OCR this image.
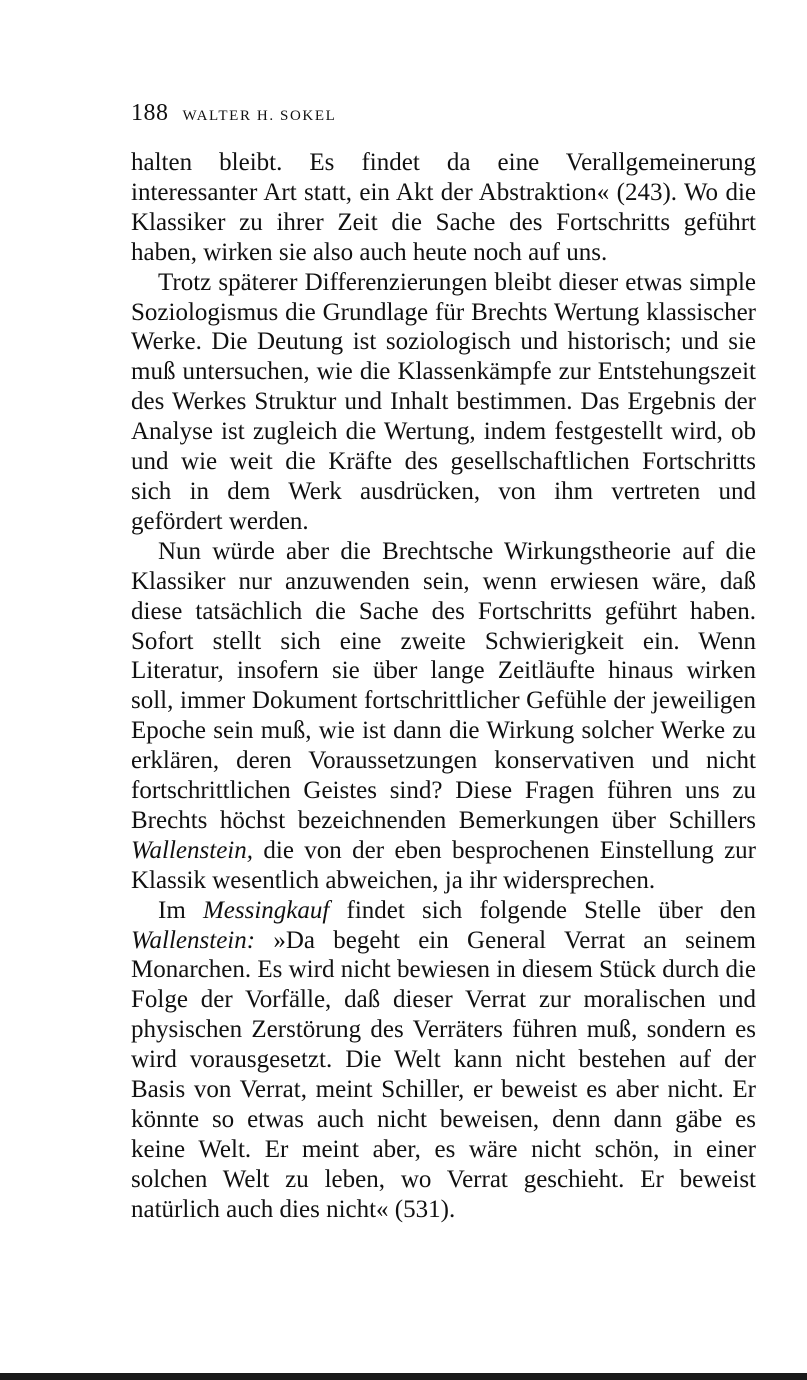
188 WALTER H. SOKEL

halten bleibt. Es findet da eine Verallgemeinerung interessanter Art statt, ein Akt der Abstraktion« (243). Wo die Klassiker zu ihrer Zeit die Sache des Fortschritts geführt haben, wirken sie also auch heute noch auf uns.

Trotz späterer Differenzierungen bleibt dieser etwas simple Soziologismus die Grundlage für Brechts Wertung klassischer Werke. Die Deutung ist soziologisch und historisch; und sie muß untersuchen, wie die Klassenkämpfe zur Entstehungszeit des Werkes Struktur und Inhalt bestimmen. Das Ergebnis der Analyse ist zugleich die Wertung, indem festgestellt wird, ob und wie weit die Kräfte des gesellschaftlichen Fortschritts sich in dem Werk ausdrücken, von ihm vertreten und gefördert werden.

Nun würde aber die Brechtsche Wirkungstheorie auf die Klassiker nur anzuwenden sein, wenn erwiesen wäre, daß diese tatsächlich die Sache des Fortschritts geführt haben. Sofort stellt sich eine zweite Schwierigkeit ein. Wenn Literatur, insofern sie über lange Zeitläufte hinaus wirken soll, immer Dokument fortschrittlicher Gefühle der jeweiligen Epoche sein muß, wie ist dann die Wirkung solcher Werke zu erklären, deren Voraussetzungen konservativen und nicht fortschrittlichen Geistes sind? Diese Fragen führen uns zu Brechts höchst bezeichnenden Bemerkungen über Schillers Wallenstein, die von der eben besprochenen Einstellung zur Klassik wesentlich abweichen, ja ihr widersprechen.

Im Messingkauf findet sich folgende Stelle über den Wallenstein: »Da begeht ein General Verrat an seinem Monarchen. Es wird nicht bewiesen in diesem Stück durch die Folge der Vorfälle, daß dieser Verrat zur moralischen und physischen Zerstörung des Verräters führen muß, sondern es wird vorausgesetzt. Die Welt kann nicht bestehen auf der Basis von Verrat, meint Schiller, er beweist es aber nicht. Er könnte so etwas auch nicht beweisen, denn dann gäbe es keine Welt. Er meint aber, es wäre nicht schön, in einer solchen Welt zu leben, wo Verrat geschieht. Er beweist natürlich auch dies nicht« (531).
